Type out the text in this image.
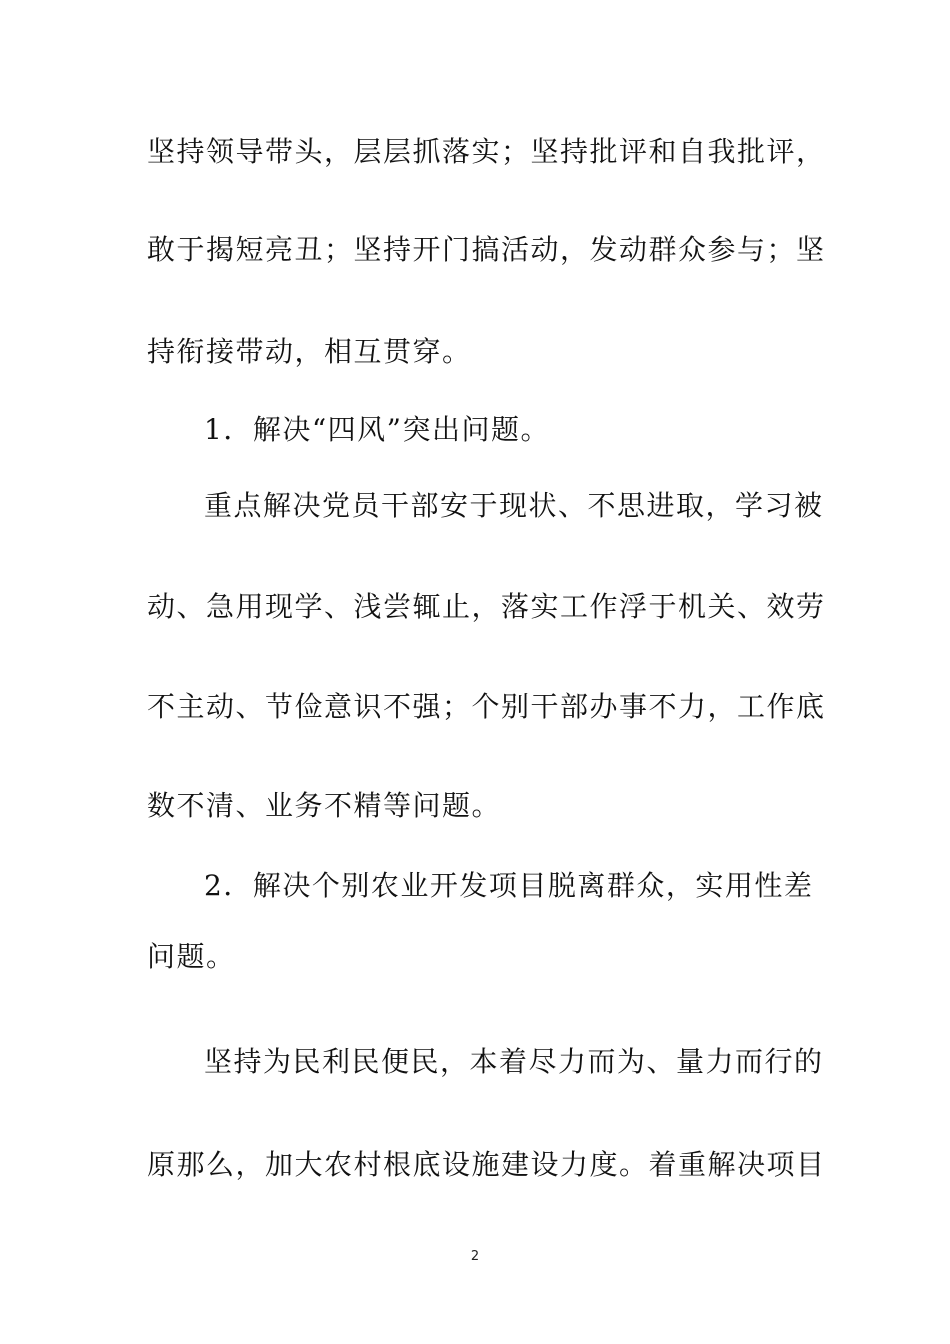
坚持领导带头，层层抓落实；坚持批评和自我批评，
敢于揭短亮丑；坚持开门搞活动，发动群众参与；坚
持衔接带动，相互贯穿。
1．解决“四风”突出问题。
重点解决党员干部安于现状、不思进取，学习被
动、急用现学、浅尝辄止，落实工作浮于机关、效劳
不主动、节俭意识不强；个别干部办事不力，工作底
数不清、业务不精等问题。
2．解决个别农业开发项目脱离群众，实用性差
问题。
坚持为民利民便民，本着尽力而为、量力而行的
原那么，加大农村根底设施建设力度。着重解决项目
2
